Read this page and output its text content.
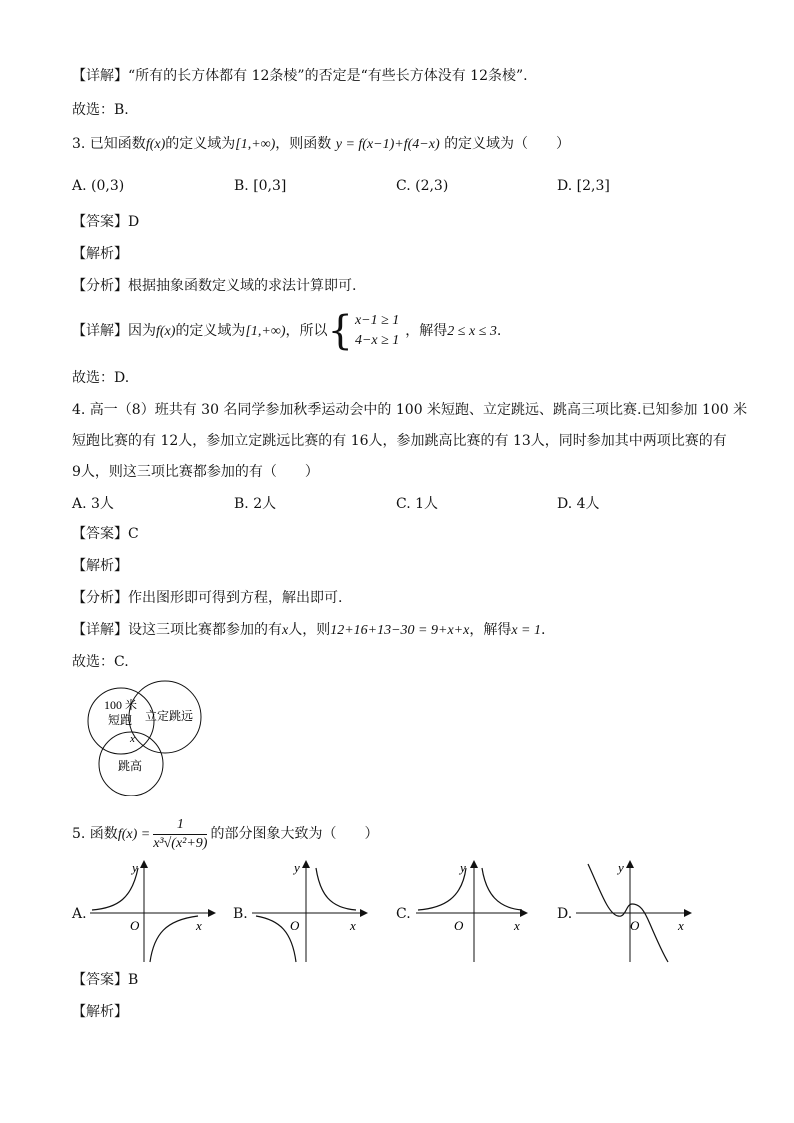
【详解】“所有的长方体都有 12条棱”的否定是“有些长方体没有 12条棱”.
故选：B.
3. 已知函数f(x)的定义域为[1,+∞)，则函数 y = f(x−1)+f(4−x) 的定义域为（　　）
A. (0,3)	B. [0,3]	C. (2,3)	D. [2,3]
【答案】D
【解析】
【分析】根据抽象函数定义域的求法计算即可.
【详解】因为f(x)的定义域为[1,+∞)，所以{ x−1 ≥ 1
4−x ≥ 1
，解得2 ≤ x ≤ 3.
故选：D.
4. 高一（8）班共有 30 名同学参加秋季运动会中的 100 米短跑、立定跳远、跳高三项比赛.已知参加 100 米
短跑比赛的有 12人，参加立定跳远比赛的有 16人，参加跳高比赛的有 13人，同时参加其中两项比赛的有
9人，则这三项比赛都参加的有（　　）
A. 3人	B. 2人	C. 1人	D. 4人
【答案】C
【解析】
【分析】作出图形即可得到方程，解出即可.
【详解】设这三项比赛都参加的有x人，则12+16+13−30 = 9+x+x，解得x = 1.
故选：C.
100 米
短跑 立定跳远
跳高
x
5. 函数$f(x) = \frac{1}{\text{x³√(x²+9)}}$ 的部分图象大致为（　　）
A.
y
x
O
B.
y
x
O
C.
y
x
O
D.
y
x
O
【答案】B
【解析】
